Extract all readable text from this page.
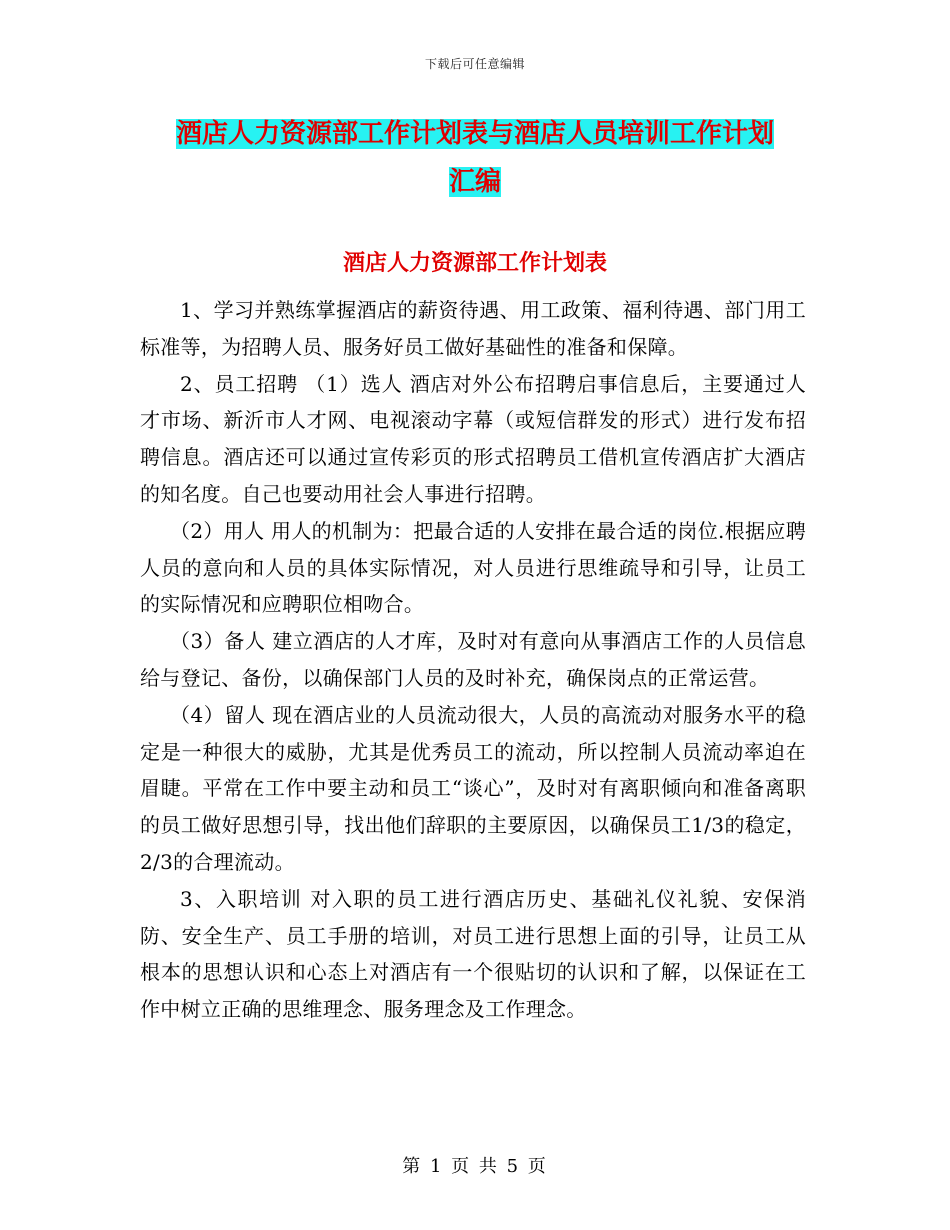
下载后可任意编辑
酒店人力资源部工作计划表与酒店人员培训工作计划
汇编
酒店人力资源部工作计划表

1、学习并熟练掌握酒店的薪资待遇、用工政策、福利待遇、部门用工标准等，为招聘人员、服务好员工做好基础性的准备和保障。

2、员工招聘 （1）选人 酒店对外公布招聘启事信息后，主要通过人才市场、新沂市人才网、电视滚动字幕（或短信群发的形式）进行发布招聘信息。酒店还可以通过宣传彩页的形式招聘员工借机宣传酒店扩大酒店的知名度。自己也要动用社会人事进行招聘。

（2）用人 用人的机制为：把最合适的人安排在最合适的岗位.根据应聘人员的意向和人员的具体实际情况，对人员进行思维疏导和引导，让员工的实际情况和应聘职位相吻合。

（3）备人 建立酒店的人才库，及时对有意向从事酒店工作的人员信息给与登记、备份，以确保部门人员的及时补充，确保岗点的正常运营。

（4）留人 现在酒店业的人员流动很大，人员的高流动对服务水平的稳定是一种很大的威胁，尤其是优秀员工的流动，所以控制人员流动率迫在眉睫。平常在工作中要主动和员工“谈心”，及时对有离职倾向和准备离职的员工做好思想引导，找出他们辞职的主要原因，以确保员工1/3的稳定，2/3的合理流动。

3、入职培训 对入职的员工进行酒店历史、基础礼仪礼貌、安保消防、安全生产、员工手册的培训，对员工进行思想上面的引导，让员工从根本的思想认识和心态上对酒店有一个很贴切的认识和了解，以保证在工作中树立正确的思维理念、服务理念及工作理念。

第 1 页 共 5 页
